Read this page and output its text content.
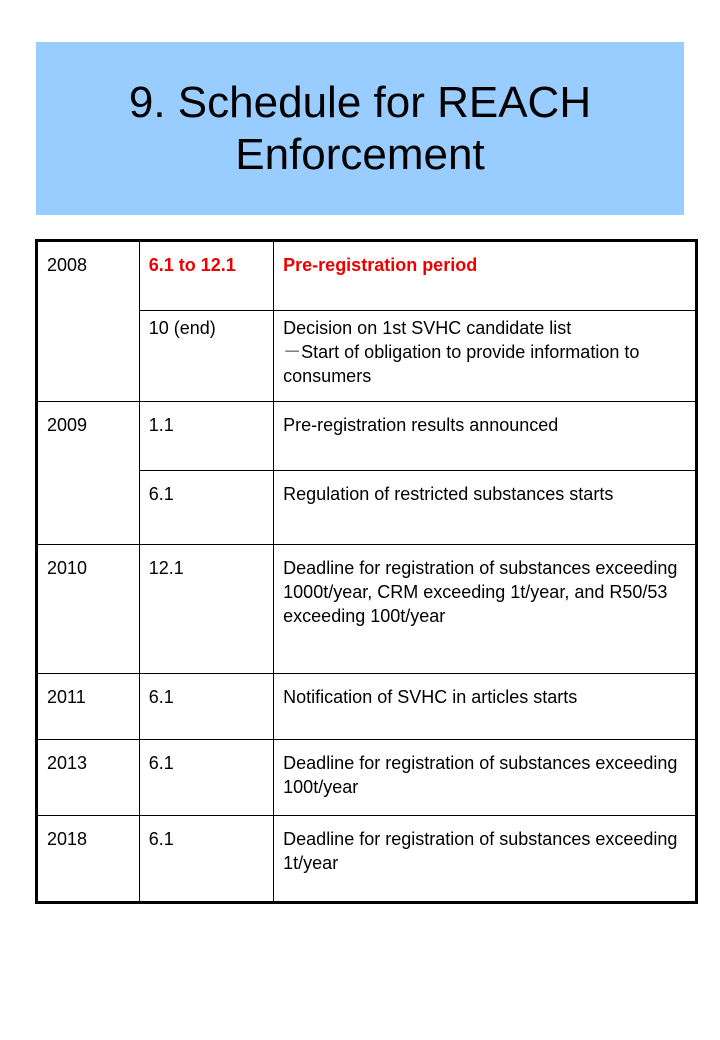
9. Schedule for REACH Enforcement
2008	6.1 to 12.1	Pre-registration period
	10 (end)	Decision on 1st SVHC candidate list
－Start of obligation to provide information to consumers

2009	1.1	Pre-registration results announced
	6.1	Regulation of restricted substances starts
2010	12.1	Deadline for registration of substances exceeding 1000t/year, CRM exceeding 1t/year, and R50/53 exceeding 100t/year
2011	6.1	Notification of SVHC in articles starts
2013	6.1	Deadline for registration of substances exceeding 100t/year
2018	6.1	Deadline for registration of substances exceeding 1t/year
